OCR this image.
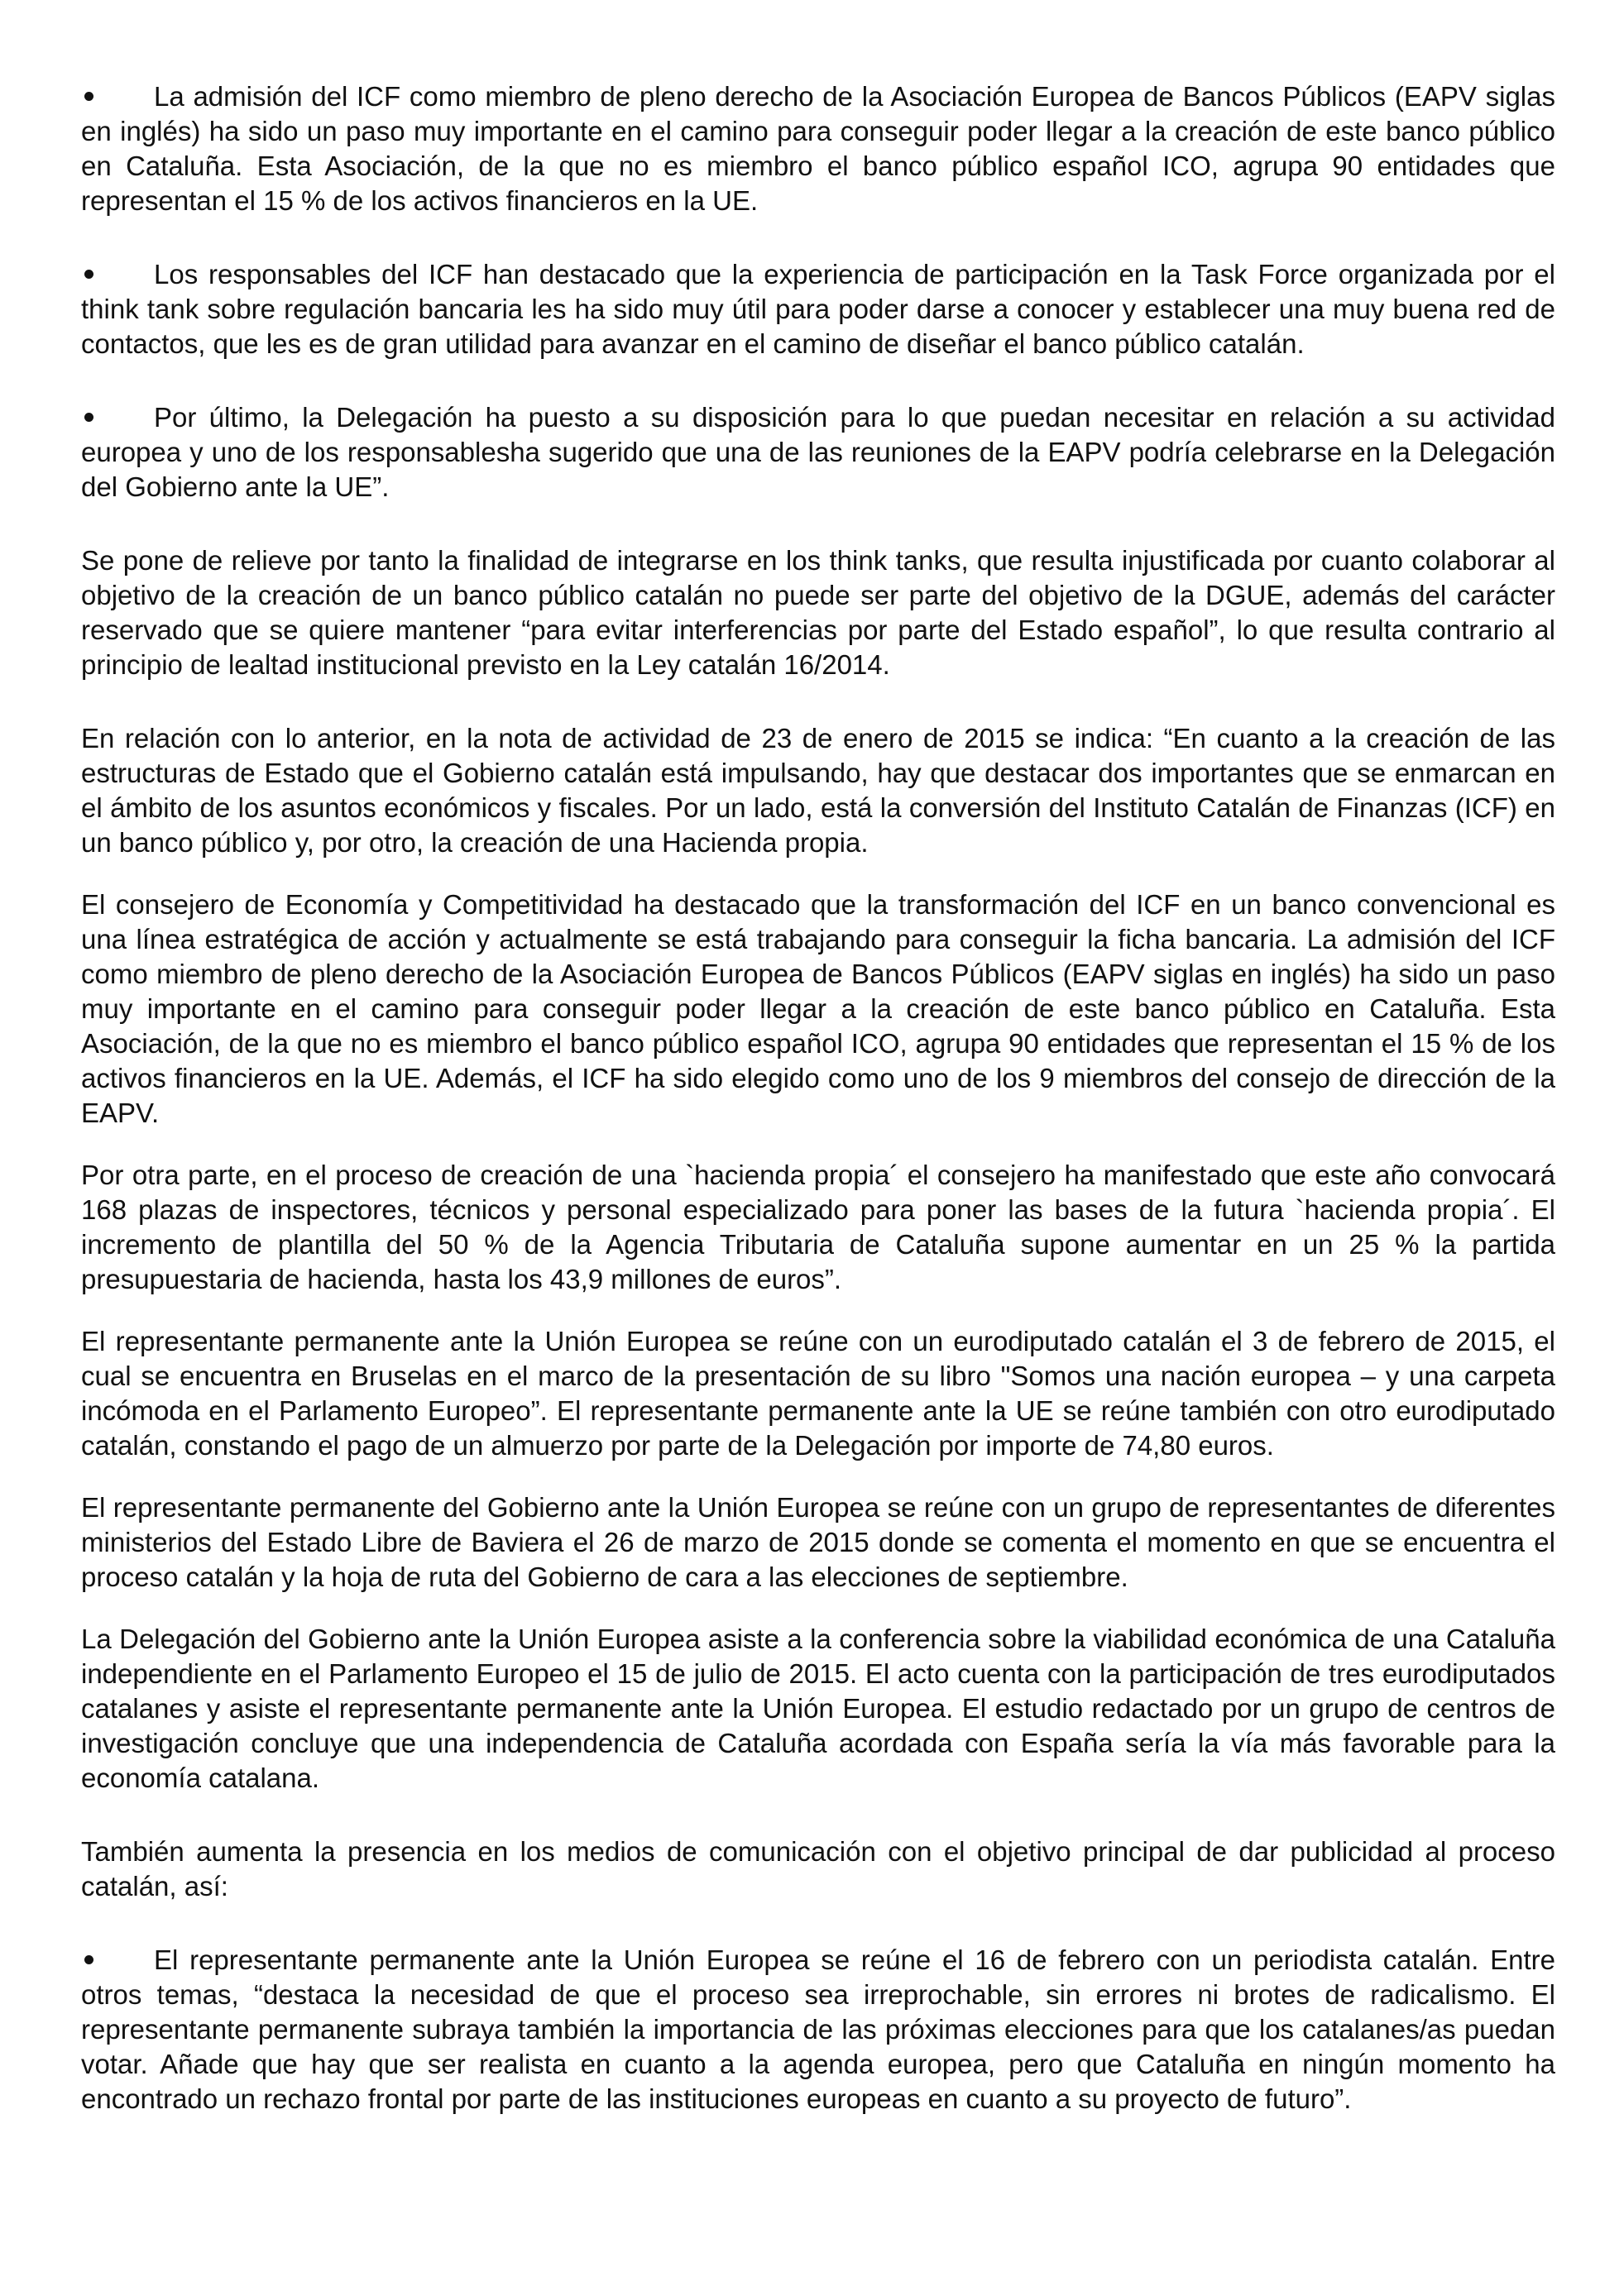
La admisión del ICF como miembro de pleno derecho de la Asociación Europea de Bancos Públicos (EAPV siglas en inglés) ha sido un paso muy importante en el camino para conseguir poder llegar a la creación de este banco público en Cataluña. Esta Asociación, de la que no es miembro el banco público español ICO, agrupa 90 entidades que representan el 15 % de los activos financieros en la UE.

Los responsables del ICF han destacado que la experiencia de participación en la Task Force organizada por el think tank sobre regulación bancaria les ha sido muy útil para poder darse a conocer y establecer una muy buena red de contactos, que les es de gran utilidad para avanzar en el camino de diseñar el banco público catalán.

Por último, la Delegación ha puesto a su disposición para lo que puedan necesitar en relación a su actividad europea y uno de los responsablesha sugerido que una de las reuniones de la EAPV podría celebrarse en la Delegación del Gobierno ante la UE”.

Se pone de relieve por tanto la finalidad de integrarse en los think tanks, que resulta injustificada por cuanto colaborar al objetivo de la creación de un banco público catalán no puede ser parte del objetivo de la DGUE, además del carácter reservado que se quiere mantener “para evitar interferencias por parte del Estado español”, lo que resulta contrario al principio de lealtad institucional previsto en la Ley catalán 16/2014.

En relación con lo anterior, en la nota de actividad de 23 de enero de 2015 se indica: “En cuanto a la creación de las estructuras de Estado que el Gobierno catalán está impulsando, hay que destacar dos importantes que se enmarcan en el ámbito de los asuntos económicos y fiscales. Por un lado, está la conversión del Instituto Catalán de Finanzas (ICF) en un banco público y, por otro, la creación de una Hacienda propia.

El consejero de Economía y Competitividad ha destacado que la transformación del ICF en un banco convencional es una línea estratégica de acción y actualmente se está trabajando para conseguir la ficha bancaria. La admisión del ICF como miembro de pleno derecho de la Asociación Europea de Bancos Públicos (EAPV siglas en inglés) ha sido un paso muy importante en el camino para conseguir poder llegar a la creación de este banco público en Cataluña. Esta Asociación, de la que no es miembro el banco público español ICO, agrupa 90 entidades que representan el 15 % de los activos financieros en la UE. Además, el ICF ha sido elegido como uno de los 9 miembros del consejo de dirección de la EAPV.

Por otra parte, en el proceso de creación de una `hacienda propia´ el consejero ha manifestado que este año convocará 168 plazas de inspectores, técnicos y personal especializado para poner las bases de la futura `hacienda propia´. El incremento de plantilla del 50 % de la Agencia Tributaria de Cataluña supone aumentar en un 25 % la partida presupuestaria de hacienda, hasta los 43,9 millones de euros”.

El representante permanente ante la Unión Europea se reúne con un eurodiputado catalán el 3 de febrero de 2015, el cual se encuentra en Bruselas en el marco de la presentación de su libro "Somos una nación europea – y una carpeta incómoda en el Parlamento Europeo”. El representante permanente ante la UE se reúne también con otro eurodiputado catalán, constando el pago de un almuerzo por parte de la Delegación por importe de 74,80 euros.

El representante permanente del Gobierno ante la Unión Europea se reúne con un grupo de representantes de diferentes ministerios del Estado Libre de Baviera el 26 de marzo de 2015 donde se comenta el momento en que se encuentra el proceso catalán y la hoja de ruta del Gobierno de cara a las elecciones de septiembre.

La Delegación del Gobierno ante la Unión Europea asiste a la conferencia sobre la viabilidad económica de una Cataluña independiente en el Parlamento Europeo el 15 de julio de 2015. El acto cuenta con la participación de tres eurodiputados catalanes y asiste el representante permanente ante la Unión Europea. El estudio redactado por un grupo de centros de investigación concluye que una independencia de Cataluña acordada con España sería la vía más favorable para la economía catalana.

También aumenta la presencia en los medios de comunicación con el objetivo principal de dar publicidad al proceso catalán, así:

El representante permanente ante la Unión Europea se reúne el 16 de febrero con un periodista catalán. Entre otros temas, “destaca la necesidad de que el proceso sea irreprochable, sin errores ni brotes de radicalismo. El representante permanente subraya también la importancia de las próximas elecciones para que los catalanes/as puedan votar. Añade que hay que ser realista en cuanto a la agenda europea, pero que Cataluña en ningún momento ha encontrado un rechazo frontal por parte de las instituciones europeas en cuanto a su proyecto de futuro”.
